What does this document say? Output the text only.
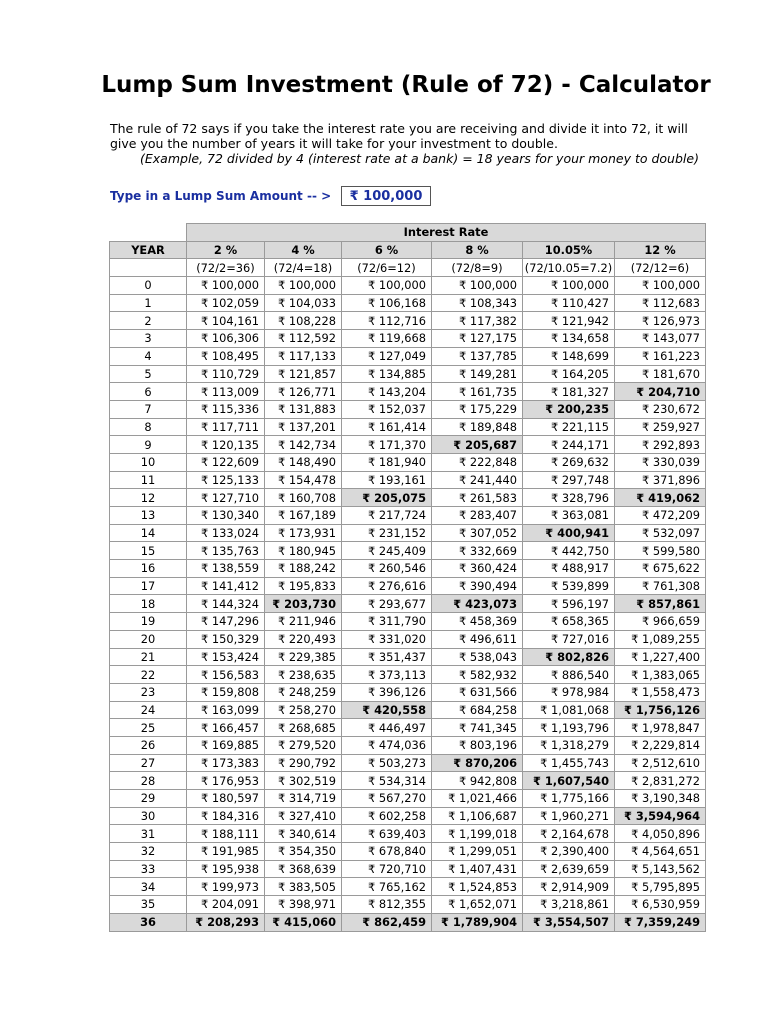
Lump Sum Investment (Rule of 72) - Calculator
The rule of 72 says if you take the interest rate you are receiving and divide it into 72, it will give you the number of years it will take for your investment to double.
(Example, 72 divided by 4 (interest rate at a bank) = 18 years for your money to double)
Type in a Lump Sum Amount -- >	₹ 100,000
	Interest Rate					
YEAR	2 %	4 %	6 %	8 %	10.05%	12 %
	(72/2=36)	(72/4=18)	(72/6=12)	(72/8=9)	(72/10.05=7.2)	(72/12=6)
0	₹ 100,000	₹ 100,000	₹ 100,000	₹ 100,000	₹ 100,000	₹ 100,000
1	₹ 102,059	₹ 104,033	₹ 106,168	₹ 108,343	₹ 110,427	₹ 112,683
2	₹ 104,161	₹ 108,228	₹ 112,716	₹ 117,382	₹ 121,942	₹ 126,973
3	₹ 106,306	₹ 112,592	₹ 119,668	₹ 127,175	₹ 134,658	₹ 143,077
4	₹ 108,495	₹ 117,133	₹ 127,049	₹ 137,785	₹ 148,699	₹ 161,223
5	₹ 110,729	₹ 121,857	₹ 134,885	₹ 149,281	₹ 164,205	₹ 181,670
6	₹ 113,009	₹ 126,771	₹ 143,204	₹ 161,735	₹ 181,327	₹ 204,710
7	₹ 115,336	₹ 131,883	₹ 152,037	₹ 175,229	₹ 200,235	₹ 230,672
8	₹ 117,711	₹ 137,201	₹ 161,414	₹ 189,848	₹ 221,115	₹ 259,927
9	₹ 120,135	₹ 142,734	₹ 171,370	₹ 205,687	₹ 244,171	₹ 292,893
10	₹ 122,609	₹ 148,490	₹ 181,940	₹ 222,848	₹ 269,632	₹ 330,039
11	₹ 125,133	₹ 154,478	₹ 193,161	₹ 241,440	₹ 297,748	₹ 371,896
12	₹ 127,710	₹ 160,708	₹ 205,075	₹ 261,583	₹ 328,796	₹ 419,062
13	₹ 130,340	₹ 167,189	₹ 217,724	₹ 283,407	₹ 363,081	₹ 472,209
14	₹ 133,024	₹ 173,931	₹ 231,152	₹ 307,052	₹ 400,941	₹ 532,097
15	₹ 135,763	₹ 180,945	₹ 245,409	₹ 332,669	₹ 442,750	₹ 599,580
16	₹ 138,559	₹ 188,242	₹ 260,546	₹ 360,424	₹ 488,917	₹ 675,622
17	₹ 141,412	₹ 195,833	₹ 276,616	₹ 390,494	₹ 539,899	₹ 761,308
18	₹ 144,324	₹ 203,730	₹ 293,677	₹ 423,073	₹ 596,197	₹ 857,861
19	₹ 147,296	₹ 211,946	₹ 311,790	₹ 458,369	₹ 658,365	₹ 966,659
20	₹ 150,329	₹ 220,493	₹ 331,020	₹ 496,611	₹ 727,016	₹ 1,089,255
21	₹ 153,424	₹ 229,385	₹ 351,437	₹ 538,043	₹ 802,826	₹ 1,227,400
22	₹ 156,583	₹ 238,635	₹ 373,113	₹ 582,932	₹ 886,540	₹ 1,383,065
23	₹ 159,808	₹ 248,259	₹ 396,126	₹ 631,566	₹ 978,984	₹ 1,558,473
24	₹ 163,099	₹ 258,270	₹ 420,558	₹ 684,258	₹ 1,081,068	₹ 1,756,126
25	₹ 166,457	₹ 268,685	₹ 446,497	₹ 741,345	₹ 1,193,796	₹ 1,978,847
26	₹ 169,885	₹ 279,520	₹ 474,036	₹ 803,196	₹ 1,318,279	₹ 2,229,814
27	₹ 173,383	₹ 290,792	₹ 503,273	₹ 870,206	₹ 1,455,743	₹ 2,512,610
28	₹ 176,953	₹ 302,519	₹ 534,314	₹ 942,808	₹ 1,607,540	₹ 2,831,272
29	₹ 180,597	₹ 314,719	₹ 567,270	₹ 1,021,466	₹ 1,775,166	₹ 3,190,348
30	₹ 184,316	₹ 327,410	₹ 602,258	₹ 1,106,687	₹ 1,960,271	₹ 3,594,964
31	₹ 188,111	₹ 340,614	₹ 639,403	₹ 1,199,018	₹ 2,164,678	₹ 4,050,896
32	₹ 191,985	₹ 354,350	₹ 678,840	₹ 1,299,051	₹ 2,390,400	₹ 4,564,651
33	₹ 195,938	₹ 368,639	₹ 720,710	₹ 1,407,431	₹ 2,639,659	₹ 5,143,562
34	₹ 199,973	₹ 383,505	₹ 765,162	₹ 1,524,853	₹ 2,914,909	₹ 5,795,895
35	₹ 204,091	₹ 398,971	₹ 812,355	₹ 1,652,071	₹ 3,218,861	₹ 6,530,959
36	₹ 208,293	₹ 415,060	₹ 862,459	₹ 1,789,904	₹ 3,554,507	₹ 7,359,249
